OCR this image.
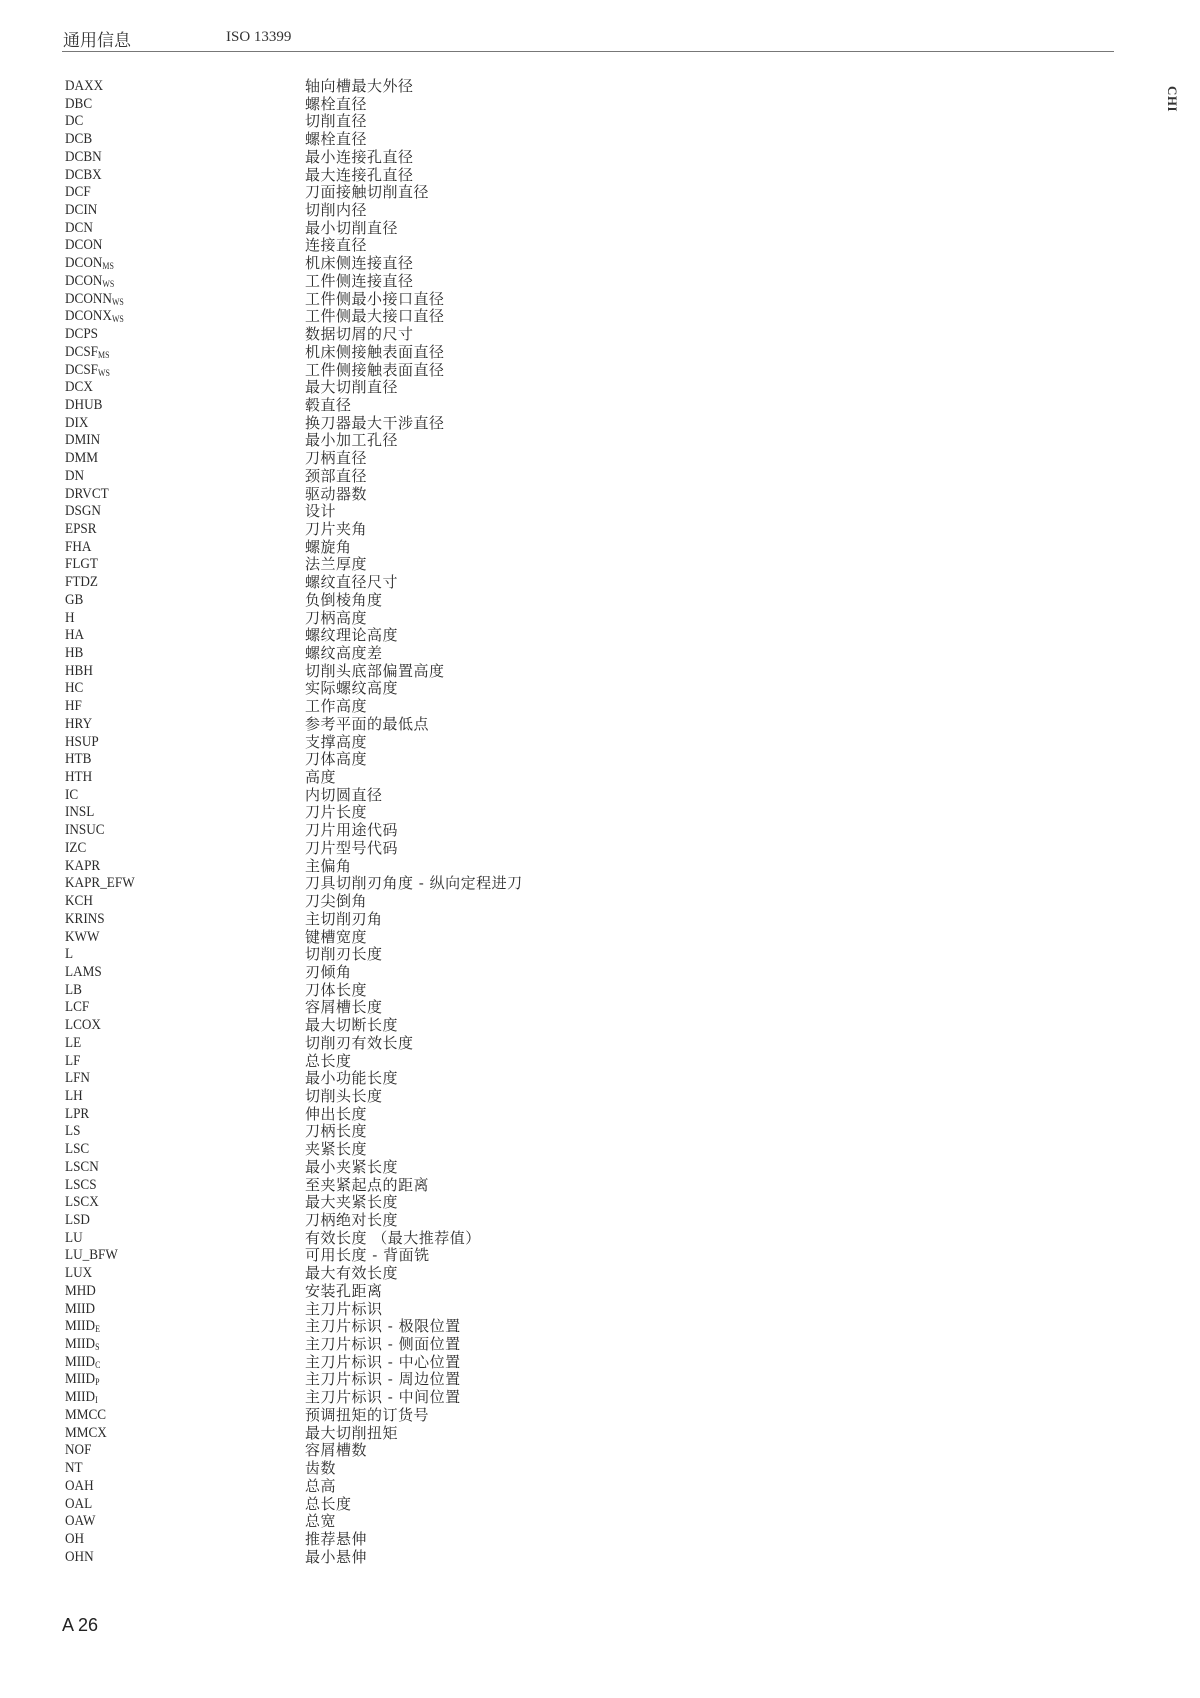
通用信息	ISO 13399
CHI
DAXX	轴向槽最大外径
DBC	螺栓直径
DC	切削直径
DCB	螺栓直径
DCBN	最小连接孔直径
DCBX	最大连接孔直径
DCF	刀面接触切削直径
DCIN	切削内径
DCN	最小切削直径
DCON	连接直径
$DCON_{MS}$	机床侧连接直径
$DCON_{WS}$	工件侧连接直径
$DCONN_{WS}$	工件侧最小接口直径
$DCONX_{WS}$	工件侧最大接口直径
DCPS	数据切屑的尺寸
$DCSF_{MS}$	机床侧接触表面直径
$DCSF_{WS}$	工件侧接触表面直径
DCX	最大切削直径
DHUB	毂直径
DIX	换刀器最大干涉直径
DMIN	最小加工孔径
DMM	刀柄直径
DN	颈部直径
DRVCT	驱动器数
DSGN	设计
EPSR	刀片夹角
FHA	螺旋角
FLGT	法兰厚度
FTDZ	螺纹直径尺寸
GB	负倒棱角度
H	刀柄高度
HA	螺纹理论高度
HB	螺纹高度差
HBH	切削头底部偏置高度
HC	实际螺纹高度
HF	工作高度
HRY	参考平面的最低点
HSUP	支撑高度
HTB	刀体高度
HTH	高度
IC	内切圆直径
INSL	刀片长度
INSUC	刀片用途代码
IZC	刀片型号代码
KAPR	主偏角
KAPR_EFW	刀具切削刃角度 - 纵向定程进刀
KCH	刀尖倒角
KRINS	主切削刃角
KWW	键槽宽度
L	切削刃长度
LAMS	刃倾角
LB	刀体长度
LCF	容屑槽长度
LCOX	最大切断长度
LE	切削刃有效长度
LF	总长度
LFN	最小功能长度
LH	切削头长度
LPR	伸出长度
LS	刀柄长度
LSC	夹紧长度
LSCN	最小夹紧长度
LSCS	至夹紧起点的距离
LSCX	最大夹紧长度
LSD	刀柄绝对长度
LU	有效长度 （最大推荐值）
LU_BFW	可用长度 - 背面铣
LUX	最大有效长度
MHD	安装孔距离
MIID	主刀片标识
$MIID_E$	主刀片标识 - 极限位置
$MIID_S$	主刀片标识 - 侧面位置
$MIID_C$	主刀片标识 - 中心位置
$MIID_P$	主刀片标识 - 周边位置
$MIID_I$	主刀片标识 - 中间位置
MMCC	预调扭矩的订货号
MMCX	最大切削扭矩
NOF	容屑槽数
NT	齿数
OAH	总高
OAL	总长度
OAW	总宽
OH	推荐悬伸
OHN	最小悬伸
A 26
